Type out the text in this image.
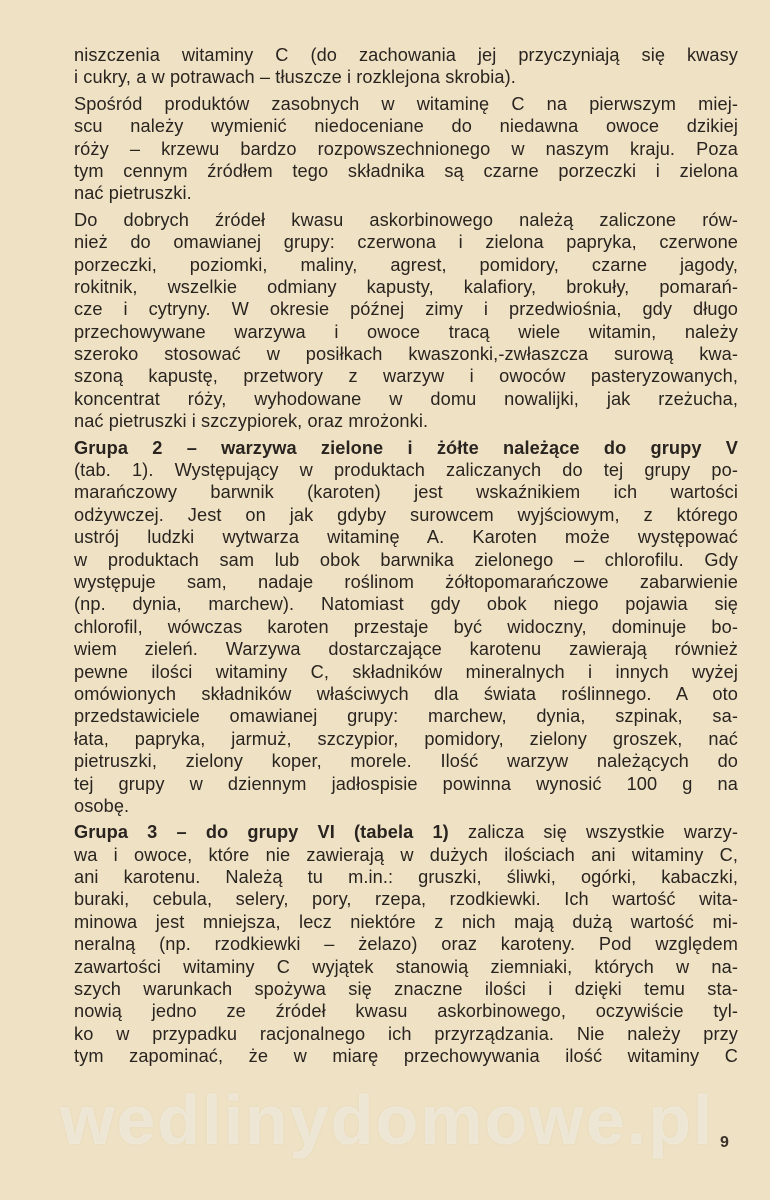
niszczenia witaminy C (do zachowania jej przyczyniają się kwasy
i cukry, a w potrawach – tłuszcze i rozklejona skrobia).
Spośród produktów zasobnych w witaminę C na pierwszym miej-
scu należy wymienić niedoceniane do niedawna owoce dzikiej
róży – krzewu bardzo rozpowszechnionego w naszym kraju. Poza
tym cennym źródłem tego składnika są czarne porzeczki i zielona
nać pietruszki.
Do dobrych źródeł kwasu askorbinowego należą zaliczone rów-
nież do omawianej grupy: czerwona i zielona papryka, czerwone
porzeczki, poziomki, maliny, agrest, pomidory, czarne jagody,
rokitnik, wszelkie odmiany kapusty, kalafiory, brokuły, pomarań-
cze i cytryny. W okresie późnej zimy i przedwiośnia, gdy długo
przechowywane warzywa i owoce tracą wiele witamin, należy
szeroko stosować w posiłkach kwaszonki,-zwłaszcza surową kwa-
szoną kapustę, przetwory z warzyw i owoców pasteryzowanych,
koncentrat róży, wyhodowane w domu nowalijki, jak rzeżucha,
nać pietruszki i szczypiorek, oraz mrożonki.
Grupa 2 – warzywa zielone i żółte należące do grupy V
(tab. 1). Występujący w produktach zaliczanych do tej grupy po-
marańczowy barwnik (karoten) jest wskaźnikiem ich wartości
odżywczej. Jest on jak gdyby surowcem wyjściowym, z którego
ustrój ludzki wytwarza witaminę A. Karoten może występować
w produktach sam lub obok barwnika zielonego – chlorofilu. Gdy
występuje sam, nadaje roślinom żółtopomarańczowe zabarwienie
(np. dynia, marchew). Natomiast gdy obok niego pojawia się
chlorofil, wówczas karoten przestaje być widoczny, dominuje bo-
wiem zieleń. Warzywa dostarczające karotenu zawierają również
pewne ilości witaminy C, składników mineralnych i innych wyżej
omówionych składników właściwych dla świata roślinnego. A oto
przedstawiciele omawianej grupy: marchew, dynia, szpinak, sa-
łata, papryka, jarmuż, szczypior, pomidory, zielony groszek, nać
pietruszki, zielony koper, morele. Ilość warzyw należących do
tej grupy w dziennym jadłospisie powinna wynosić 100 g na
osobę.
Grupa 3 – do grupy VI (tabela 1) zalicza się wszystkie warzy-
wa i owoce, które nie zawierają w dużych ilościach ani witaminy C,
ani karotenu. Należą tu m.in.: gruszki, śliwki, ogórki, kabaczki,
buraki, cebula, selery, pory, rzepa, rzodkiewki. Ich wartość wita-
minowa jest mniejsza, lecz niektóre z nich mają dużą wartość mi-
neralną (np. rzodkiewki – żelazo) oraz karoteny. Pod względem
zawartości witaminy C wyjątek stanowią ziemniaki, których w na-
szych warunkach spożywa się znaczne ilości i dzięki temu sta-
nowią jedno ze źródeł kwasu askorbinowego, oczywiście tyl-
ko w przypadku racjonalnego ich przyrządzania. Nie należy przy
tym zapominać, że w miarę przechowywania ilość witaminy C
wedlinydomowe.pl 9
